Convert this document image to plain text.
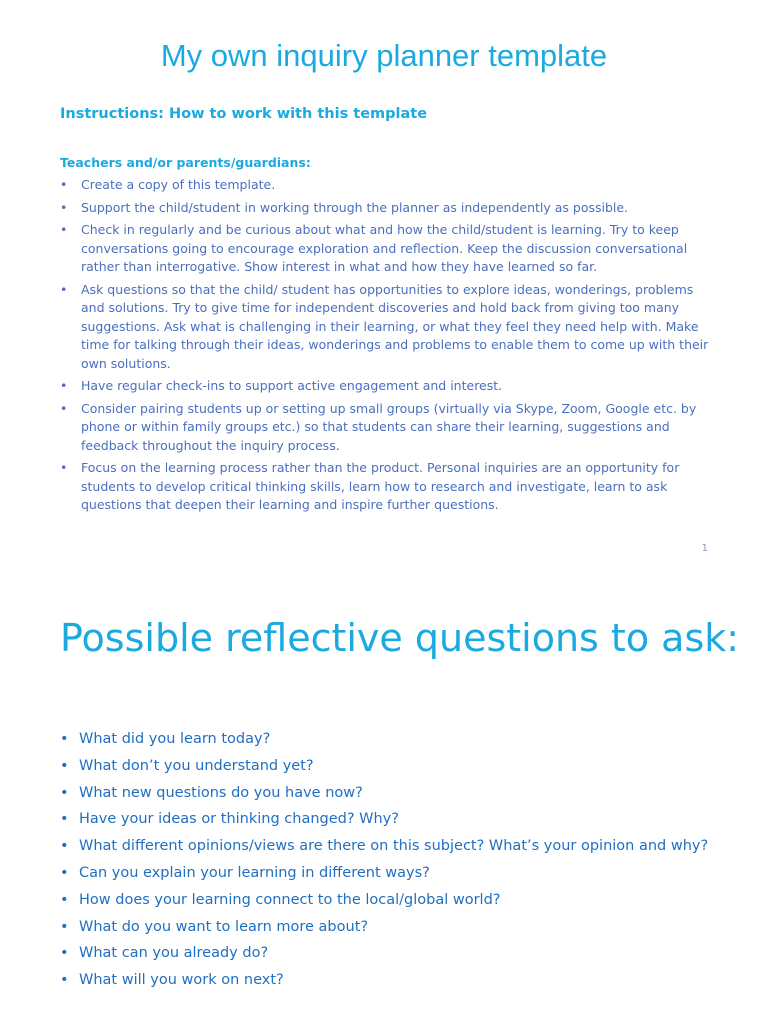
My own inquiry planner template
Instructions: How to work with this template
Teachers and/or parents/guardians:
• Create a copy of this template.
• Support the child/student in working through the planner as independently as possible.
• Check in regularly and be curious about what and how the child/student is learning. Try to keep conversations going to encourage exploration and reflection. Keep the discussion conversational rather than interrogative. Show interest in what and how they have learned so far.
• Ask questions so that the child/ student has opportunities to explore ideas, wonderings, problems and solutions. Try to give time for independent discoveries and hold back from giving too many suggestions. Ask what is challenging in their learning, or what they feel they need help with. Make time for talking through their ideas, wonderings and problems to enable them to come up with their own solutions.
• Have regular check-ins to support active engagement and interest.
• Consider pairing students up or setting up small groups (virtually via Skype, Zoom, Google etc. by phone or within family groups etc.) so that students can share their learning, suggestions and feedback throughout the inquiry process.
• Focus on the learning process rather than the product. Personal inquiries are an opportunity for students to develop critical thinking skills, learn how to research and investigate, learn to ask questions that deepen their learning and inspire further questions.
1
Possible reflective questions to ask:
• What did you learn today?
• What don’t you understand yet?
• What new questions do you have now?
• Have your ideas or thinking changed? Why?
• What different opinions/views are there on this subject? What’s your opinion and why?
• Can you explain your learning in different ways?
• How does your learning connect to the local/global world?
• What do you want to learn more about?
• What can you already do?
• What will you work on next?
